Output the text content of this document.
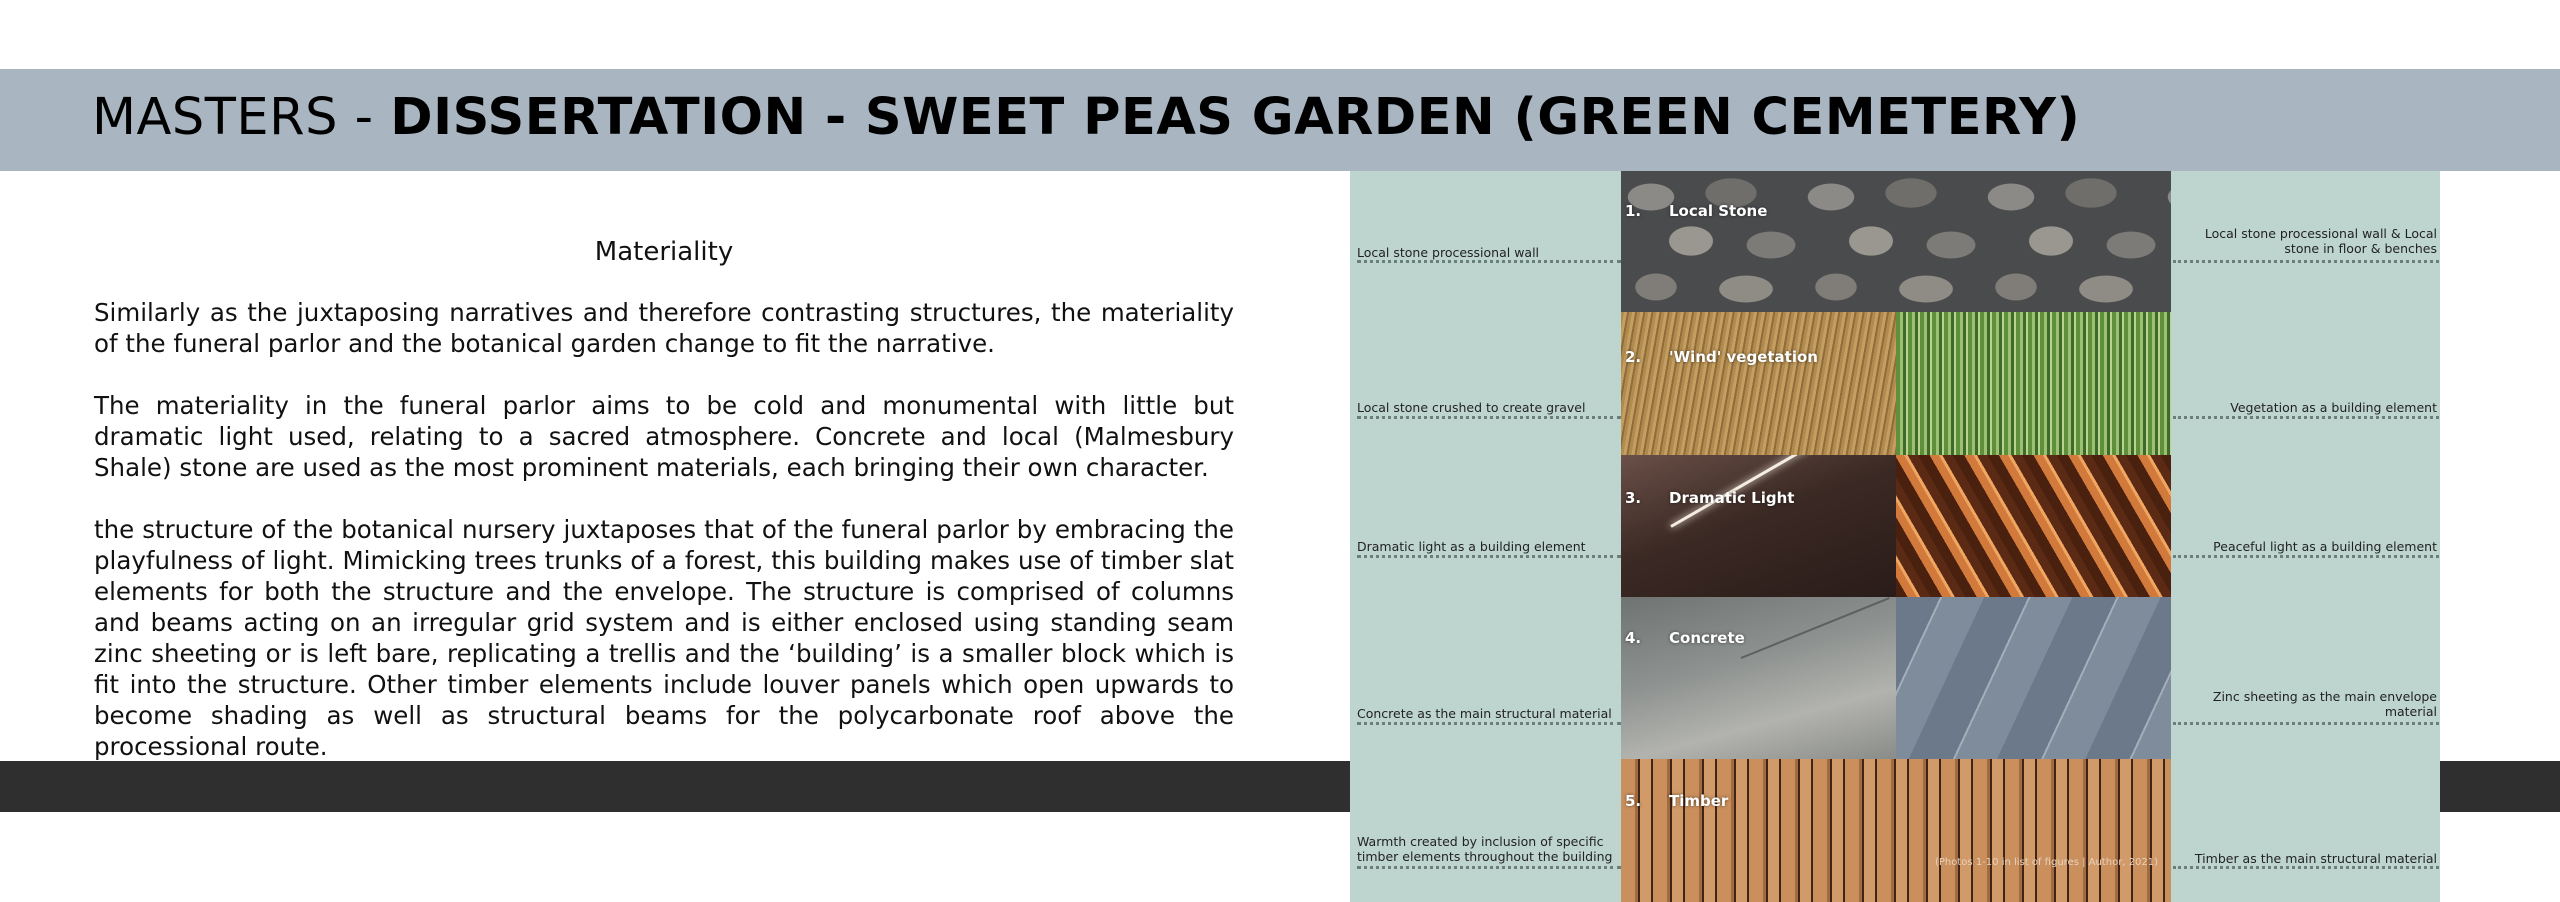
MASTERS - DISSERTATION - SWEET PEAS GARDEN (GREEN CEMETERY)
Materiality

Similarly as the juxtaposing narratives and therefore contrasting structures, the materiality of the funeral parlor and the botanical garden change to fit the narrative.

The materiality in the funeral parlor aims to be cold and monumental with little but dramatic light used, relating to a sacred atmosphere. Concrete and local (Malmesbury Shale) stone are used as the most prominent materials, each bringing their own character.

the structure of the botanical nursery juxtaposes that of the funeral parlor by embracing the playfulness of light. Mimicking trees trunks of a forest, this building makes use of timber slat elements for both the structure and the envelope. The structure is comprised of columns and beams acting on an irregular grid system and is either enclosed using standing seam zinc sheeting or is left bare, replicating a trellis and the ‘building’ is a smaller block which is fit into the structure. Other timber elements include louver panels which open upwards to become shading as well as structural beams for the polycarbonate roof above the processional route.

1. Local Stone
2. 'Wind' vegetation
3. Dramatic Light
4. Concrete
5. Timber
Local stone processional wall
Local stone crushed to create gravel
Dramatic light as a building element
Concrete as the main structural material
Warmth created by inclusion of specific timber elements throughout the building
Local stone processional wall & Local stone in floor & benches
Vegetation as a building element
Peaceful light as a building element
Zinc sheeting as the main envelope material
Timber as the main structural material
(Photos 1-10 in list of figures | Author, 2021)
